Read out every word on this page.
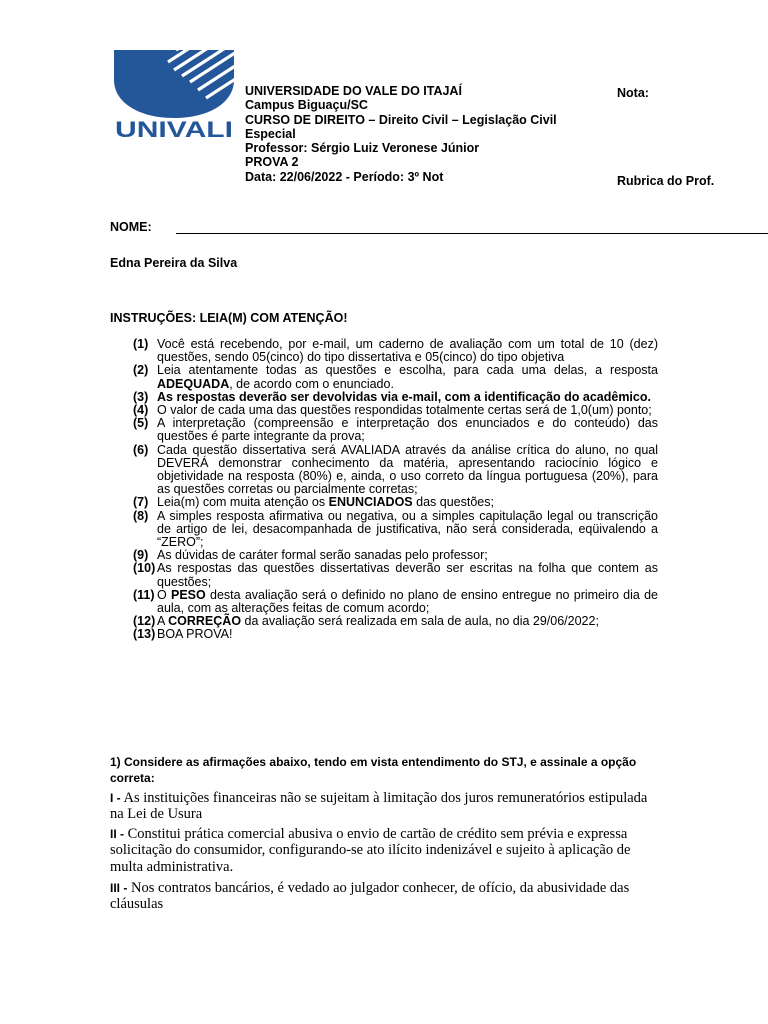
UNIVALI
UNIVERSIDADE DO VALE DO ITAJAÍ
Campus Biguaçu/SC
CURSO DE DIREITO – Direito Civil – Legislação Civil
Especial
Professor: Sérgio Luiz Veronese Júnior
PROVA 2
Data: 22/06/2022 - Período: 3º Not
Nota:
Rubrica do Prof.
NOME:
Edna Pereira da Silva
INSTRUÇÕES: LEIA(M) COM ATENÇÃO!
(1) Você está recebendo, por e-mail, um caderno de avaliação com um total de 10 (dez) questões, sendo 05(cinco) do tipo dissertativa e 05(cinco) do tipo objetiva
(2) Leia atentamente todas as questões e escolha, para cada uma delas, a resposta ADEQUADA, de acordo com o enunciado.
(3) As respostas deverão ser devolvidas via e-mail, com a identificação do acadêmico.
(4) O valor de cada uma das questões respondidas totalmente certas será de 1,0(um) ponto;
(5) A interpretação (compreensão e interpretação dos enunciados e do conteúdo) das questões é parte integrante da prova;
(6) Cada questão dissertativa será AVALIADA através da análise crítica do aluno, no qual DEVERÁ demonstrar conhecimento da matéria, apresentando raciocínio lógico e objetividade na resposta (80%) e, ainda, o uso correto da língua portuguesa (20%), para as questões corretas ou parcialmente corretas;
(7) Leia(m) com muita atenção os ENUNCIADOS das questões;
(8) A simples resposta afirmativa ou negativa, ou a simples capitulação legal ou transcrição de artigo de lei, desacompanhada de justificativa, não será considerada, eqüivalendo a “ZERO”;
(9) As dúvidas de caráter formal serão sanadas pelo professor;
(10) As respostas das questões dissertativas deverão ser escritas na folha que contem as questões;
(11) O PESO desta avaliação será o definido no plano de ensino entregue no primeiro dia de aula, com as alterações feitas de comum acordo;
(12) A CORREÇÃO da avaliação será realizada em sala de aula, no dia 29/06/2022;
(13) BOA PROVA!
1) Considere as afirmações abaixo, tendo em vista entendimento do STJ, e assinale a opção correta:
I - As instituições financeiras não se sujeitam à limitação dos juros remuneratórios estipulada na Lei de Usura
II - Constitui prática comercial abusiva o envio de cartão de crédito sem prévia e expressa solicitação do consumidor, configurando-se ato ilícito indenizável e sujeito à aplicação de multa administrativa.
III - Nos contratos bancários, é vedado ao julgador conhecer, de ofício, da abusividade das cláusulas
